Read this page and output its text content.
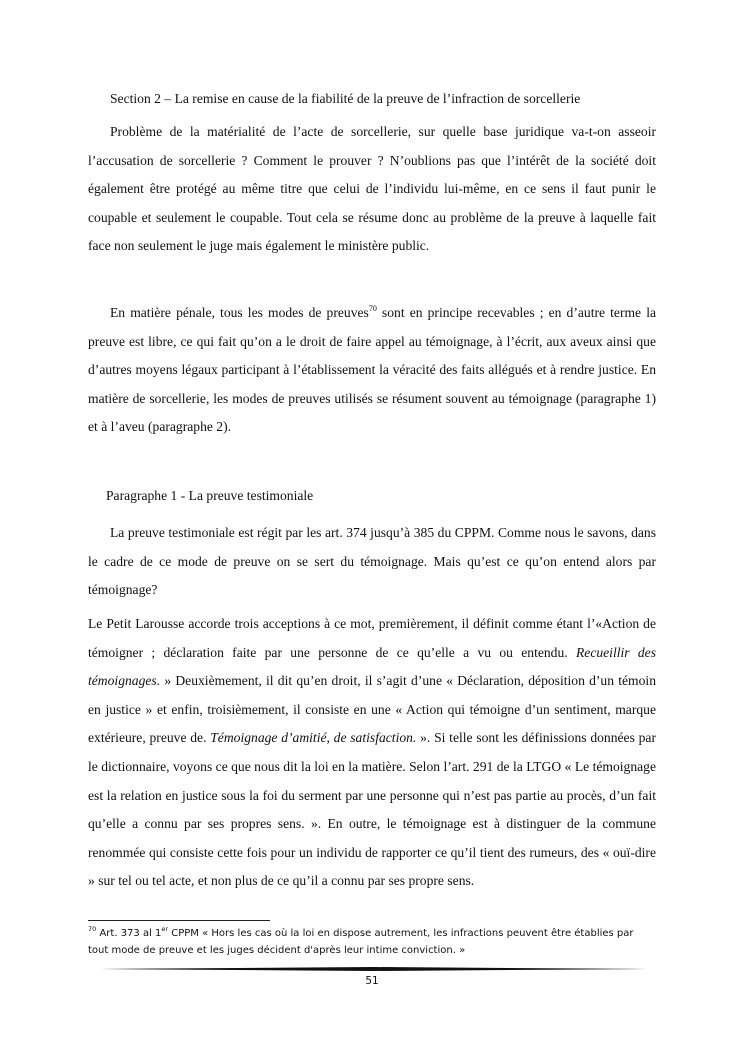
Section 2 – La remise en cause de la fiabilité de la preuve de l’infraction de sorcellerie

Problème de la matérialité de l’acte de sorcellerie, sur quelle base juridique va-t-on asseoir l’accusation de sorcellerie ? Comment le prouver ? N’oublions pas que l’intérêt de la société doit également être protégé au même titre que celui de l’individu lui-même, en ce sens il faut punir le coupable et seulement le coupable. Tout cela se résume donc au problème de la preuve à laquelle fait face non seulement le juge mais également le ministère public.

En matière pénale, tous les modes de preuves$^{70}$ sont en principe recevables ; en d’autre terme la preuve est libre, ce qui fait qu’on a le droit de faire appel au témoignage, à l’écrit, aux aveux ainsi que d’autres moyens légaux participant à l’établissement la véracité des faits allégués et à rendre justice. En matière de sorcellerie, les modes de preuves utilisés se résument souvent au témoignage (paragraphe 1) et à l’aveu (paragraphe 2).

Paragraphe 1 - La preuve testimoniale

La preuve testimoniale est régit par les art. 374 jusqu’à 385 du CPPM. Comme nous le savons, dans le cadre de ce mode de preuve on se sert du témoignage. Mais qu’est ce qu’on entend alors par témoignage?

Le Petit Larousse accorde trois acceptions à ce mot, premièrement, il définit comme étant l’«Action de témoigner ; déclaration faite par une personne de ce qu’elle a vu ou entendu. Recueillir des témoignages. » Deuxièmement, il dit qu’en droit, il s’agit d’une « Déclaration, déposition d’un témoin en justice » et enfin, troisièmement, il consiste en une « Action qui témoigne d’un sentiment, marque extérieure, preuve de. Témoignage d’amitié, de satisfaction. ». Si telle sont les définissions données par le dictionnaire, voyons ce que nous dit la loi en la matière. Selon l’art. 291 de la LTGO « Le témoignage est la relation en justice sous la foi du serment par une personne qui n’est pas partie au procès, d’un fait qu’elle a connu par ses propres sens. ». En outre, le témoignage est à distinguer de la commune renommée qui consiste cette fois pour un individu de rapporter ce qu’il tient des rumeurs, des « ouï-dire » sur tel ou tel acte, et non plus de ce qu’il a connu par ses propre sens.

$^{70}$ Art. 373 al 1er CPPM « Hors les cas où la loi en dispose autrement, les infractions peuvent être établies par tout mode de preuve et les juges décident d'après leur intime conviction. »
51
